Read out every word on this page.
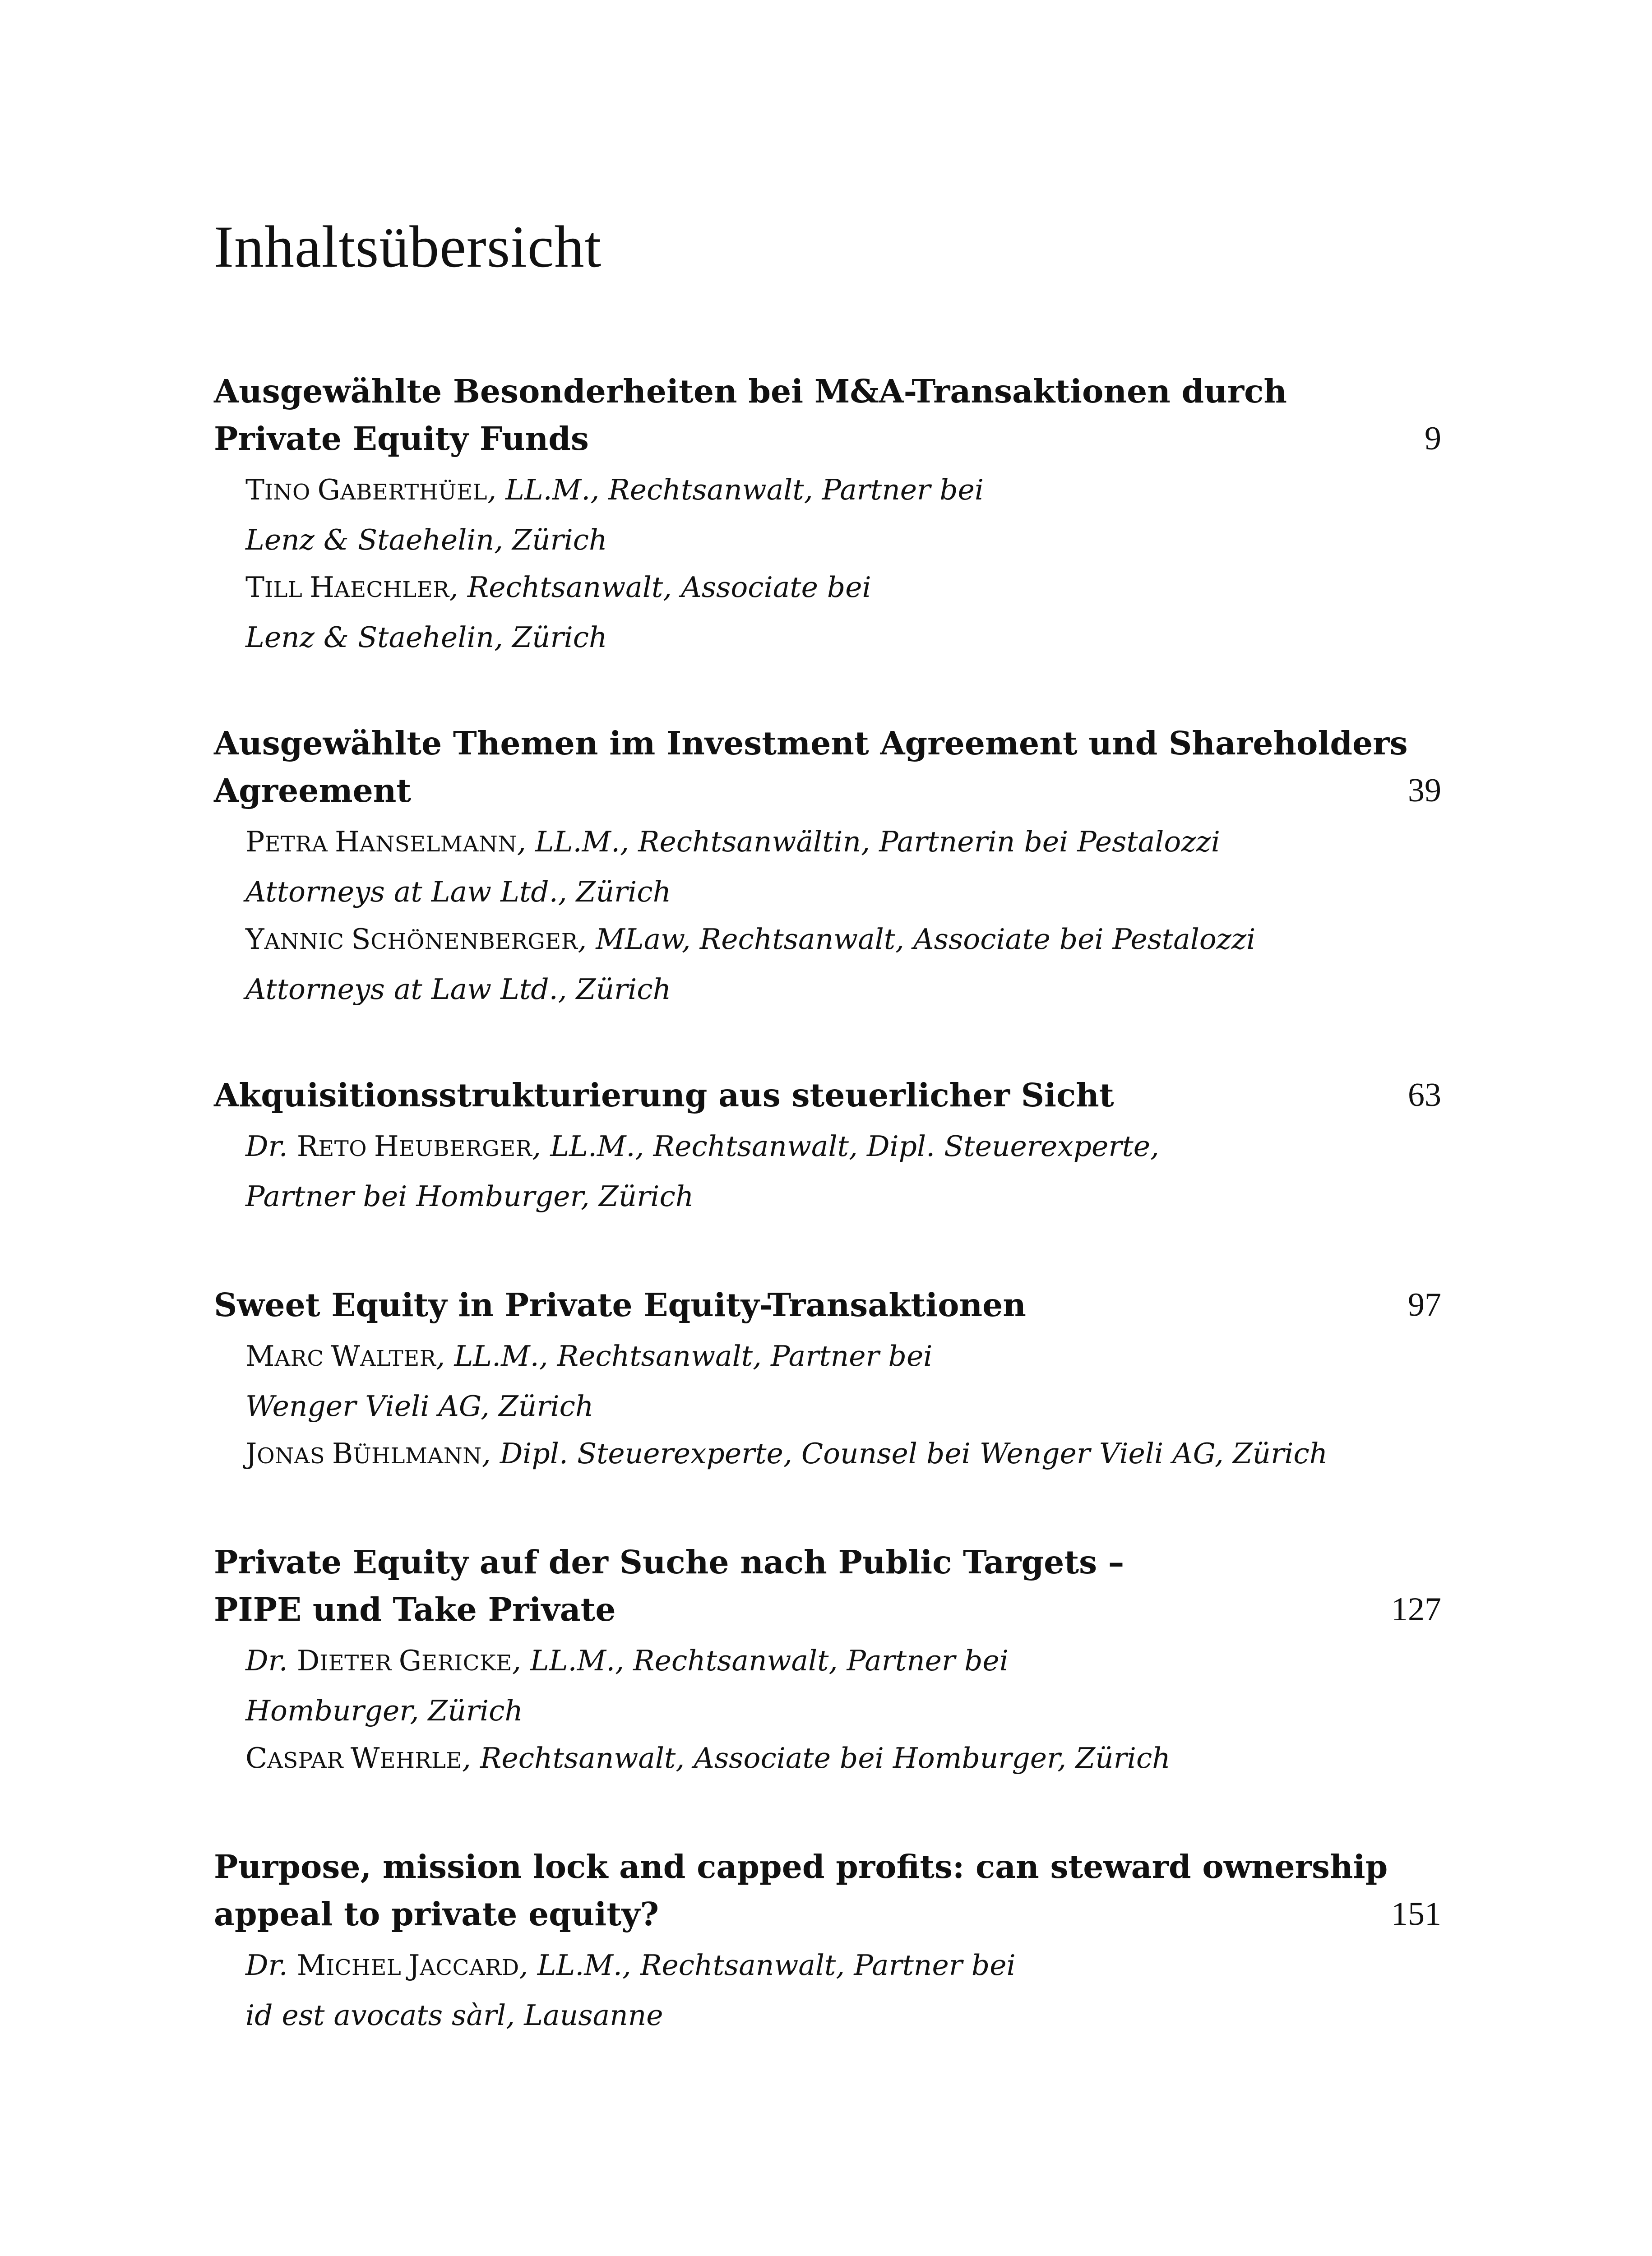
Inhaltsübersicht
Ausgewählte Besonderheiten bei M&A-Transaktionen durch
Private Equity Funds	9
TINO GABERTHÜEL, LL.M., Rechtsanwalt, Partner bei
Lenz & Staehelin, Zürich
TILL HAECHLER, Rechtsanwalt, Associate bei
Lenz & Staehelin, Zürich
Ausgewählte Themen im Investment Agreement und Shareholders
Agreement	39
PETRA HANSELMANN, LL.M., Rechtsanwältin, Partnerin bei Pestalozzi
Attorneys at Law Ltd., Zürich
YANNIC SCHÖNENBERGER, MLaw, Rechtsanwalt, Associate bei Pestalozzi
Attorneys at Law Ltd., Zürich
Akquisitionsstrukturierung aus steuerlicher Sicht	63
Dr. RETO HEUBERGER, LL.M., Rechtsanwalt, Dipl. Steuerexperte,
Partner bei Homburger, Zürich
Sweet Equity in Private Equity-Transaktionen	97
MARC WALTER, LL.M., Rechtsanwalt, Partner bei
Wenger Vieli AG, Zürich
JONAS BÜHLMANN, Dipl. Steuerexperte, Counsel bei Wenger Vieli AG, Zürich
Private Equity auf der Suche nach Public Targets –
PIPE und Take Private	127
Dr. DIETER GERICKE, LL.M., Rechtsanwalt, Partner bei
Homburger, Zürich
CASPAR WEHRLE, Rechtsanwalt, Associate bei Homburger, Zürich
Purpose, mission lock and capped profits: can steward ownership
appeal to private equity?	151
Dr. MICHEL JACCARD, LL.M., Rechtsanwalt, Partner bei
id est avocats sàrl, Lausanne
